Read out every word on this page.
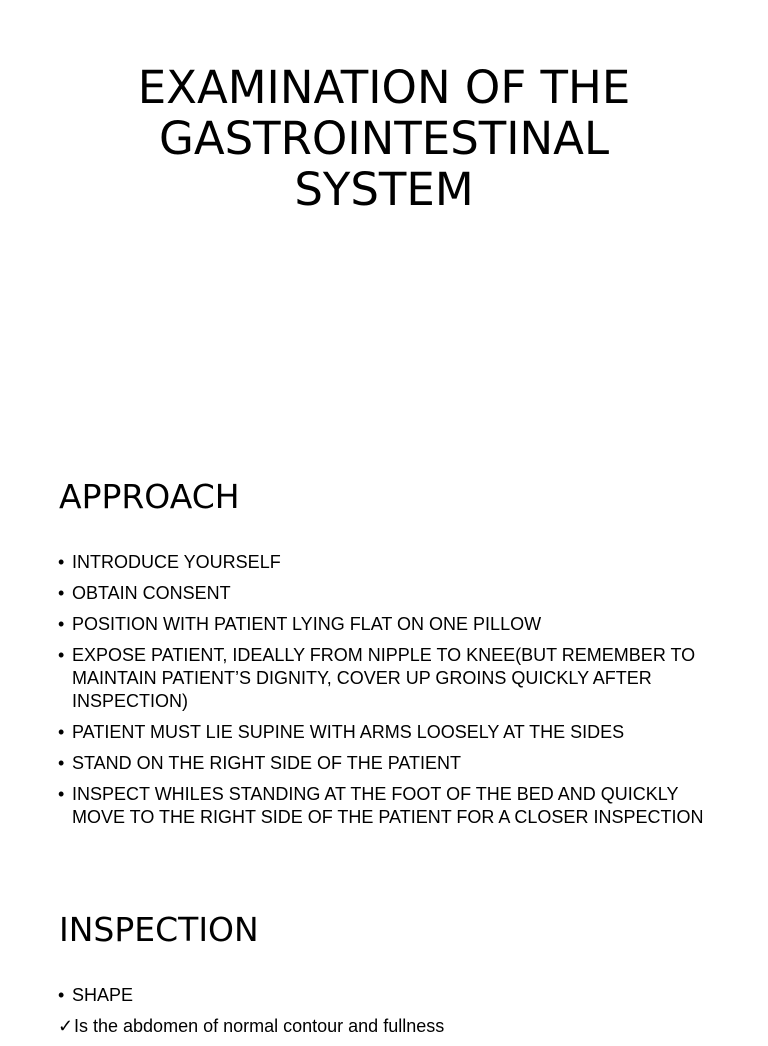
EXAMINATION OF THE
GASTROINTESTINAL
SYSTEM
APPROACH
• INTRODUCE YOURSELF
• OBTAIN CONSENT
• POSITION WITH PATIENT LYING FLAT ON ONE PILLOW
• EXPOSE PATIENT, IDEALLY FROM NIPPLE TO KNEE(BUT REMEMBER TO MAINTAIN PATIENT’S DIGNITY, COVER UP GROINS QUICKLY AFTER INSPECTION)
• PATIENT MUST LIE SUPINE WITH ARMS LOOSELY AT THE SIDES
• STAND ON THE RIGHT SIDE OF THE PATIENT
• INSPECT WHILES STANDING AT THE FOOT OF THE BED AND QUICKLY MOVE TO THE RIGHT SIDE OF THE PATIENT FOR A CLOSER INSPECTION
INSPECTION
• SHAPE
✓ Is the abdomen of normal contour and fullness
